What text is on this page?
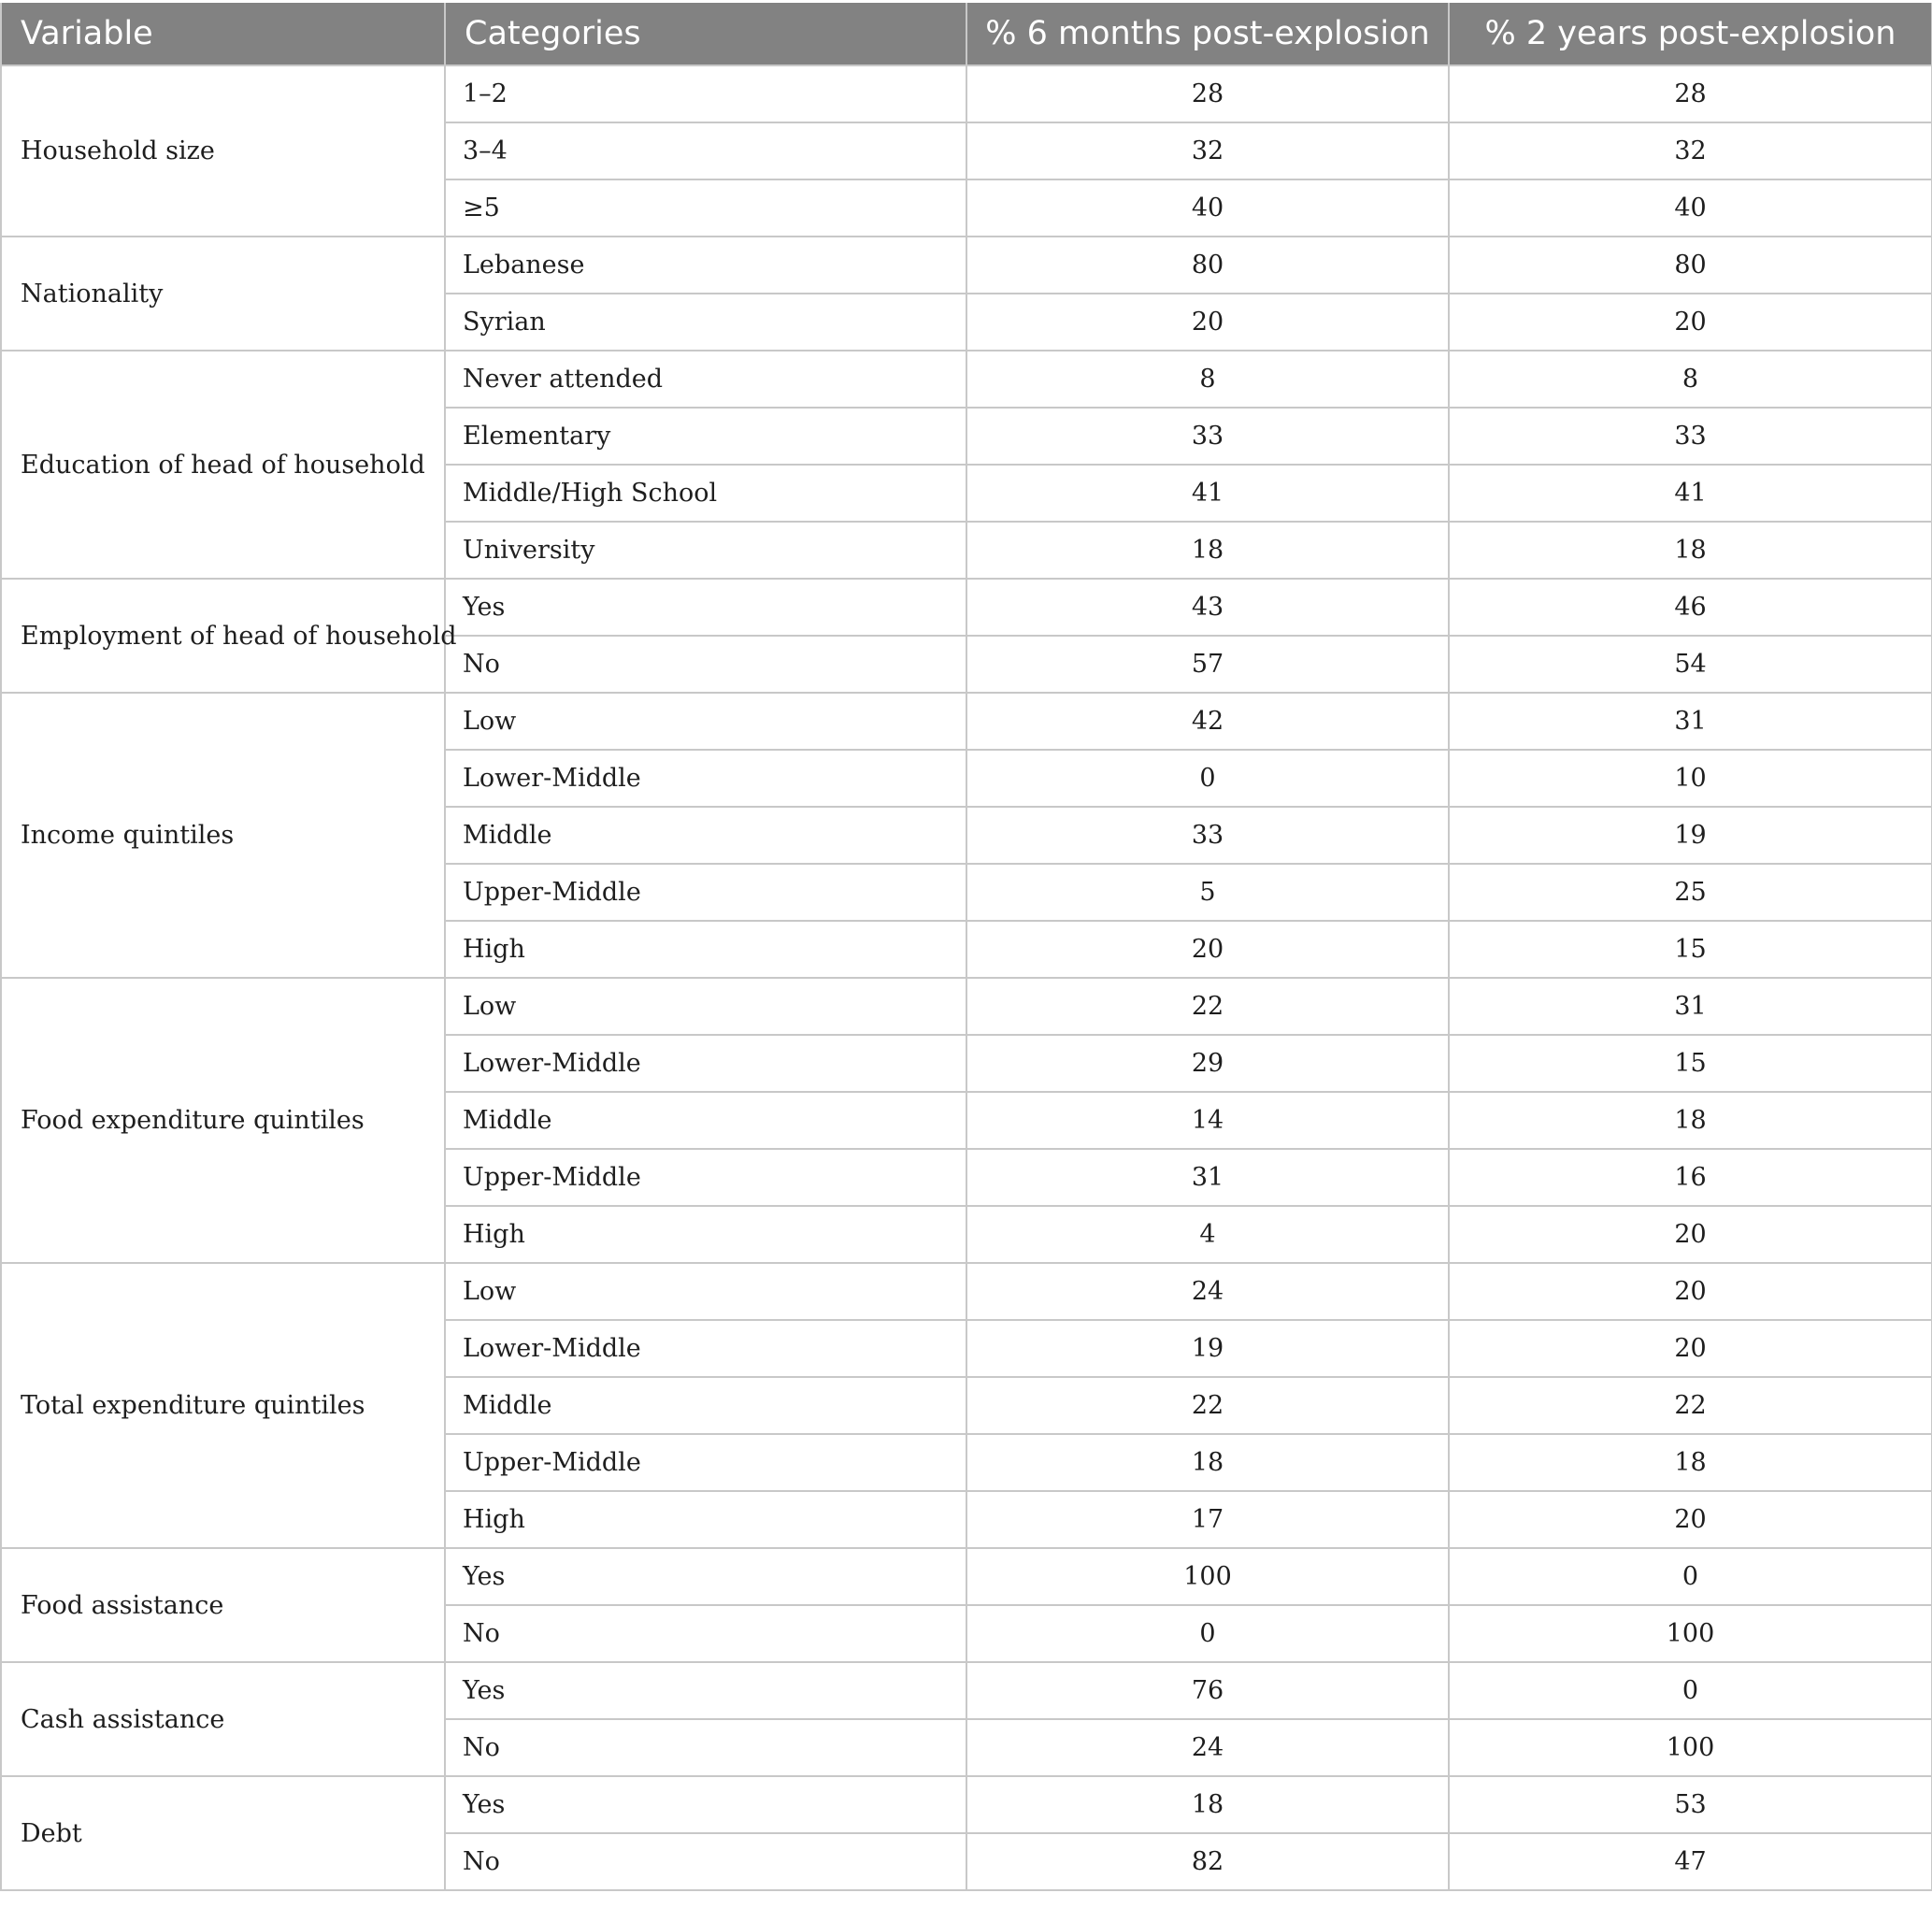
Variable	Categories	% 6 months post-explosion	% 2 years post-explosion
Household size	1–2	28	28
	3–4	32	32
	≥5	40	40
Nationality	Lebanese	80	80
	Syrian	20	20
Education of head of household	Never attended	8	8
	Elementary	33	33
	Middle/High School	41	41
	University	18	18
Employment of head of household	Yes	43	46
	No	57	54
Income quintiles	Low	42	31
	Lower-Middle	0	10
	Middle	33	19
	Upper-Middle	5	25
	High	20	15
Food expenditure quintiles	Low	22	31
	Lower-Middle	29	15
	Middle	14	18
	Upper-Middle	31	16
	High	4	20
Total expenditure quintiles	Low	24	20
	Lower-Middle	19	20
	Middle	22	22
	Upper-Middle	18	18
	High	17	20
Food assistance	Yes	100	0
	No	0	100
Cash assistance	Yes	76	0
	No	24	100
Debt	Yes	18	53
	No	82	47
